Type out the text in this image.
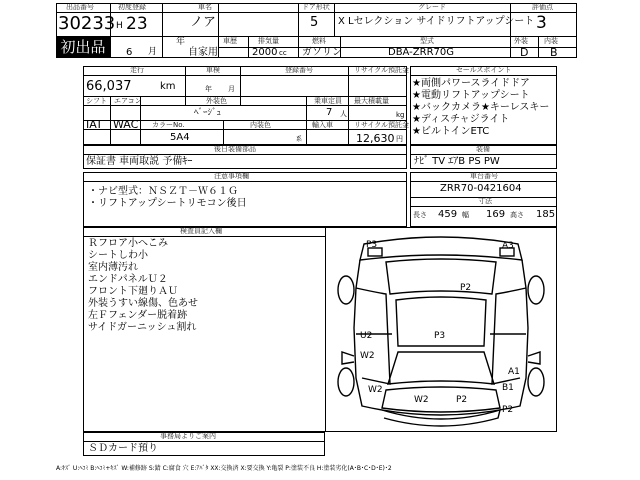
出品番号
30233
初度登録
H 23
年
6 月
初出品
車名
ノア
ドア形状
5
グレード
X Lセレクション サイドリフトアップシート
評価点
3
車歴
自家用
排気量
2000 cc
燃料
ガソリン
型式
DBA-ZRR70G
外装 内装
D B
走行
66,037	km
車検
年 月
登録番号	リサイクル預託金
乗車定員
7 人
最大積載量
kg
リサイクル預託金
12,630 円
シフト エアコン
IAT WAC
外装色
ﾍﾞｰｼﾞｭ
カラーNo.
5A4
内装色
系
輸入車
セールスポイント
★両側パワースライドドア
★電動リフトアップシート
★バックカメラ★キーレスキー
★ディスチャジライト
★ビルトインETC
後日装備部品
保証書 車両取説 予備ｷｰ
装備
ﾅﾋﾞ TV ｴｱB PS PW
注意事項欄
・ナビ型式：ＮＳＺＴ－Ｗ６１Ｇ
・リフトアップシートリモコン後日
車台番号
ZRR70-0421604
寸法
長さ 459 幅 169 高さ 185
検査員記入欄
Ｒフロア小へこみ
シートしわ小
室内薄汚れ
エンドパネルＵ２
フロント下廻りＡＵ
外装うすい線傷、色あせ
左Ｆフェンダー脱着跡
サイドガーニッシュ割れ
P3	A3
P2
U2	P3
W2
A1
W2	B1
W2	P2
P2
事務局よりご案内
ＳＤカード預り
A:ｷｽﾞ U:ﾍｺﾐ B:ﾍｺﾐ+ｷｽﾞ W:補修跡 S:錆 C:腐食 穴 E:ｱﾊﾞﾀ XX:交換済 X:要交換 Y:亀裂 P:塗装不良 H:塗装劣化(A･B･C･D･E)･2
